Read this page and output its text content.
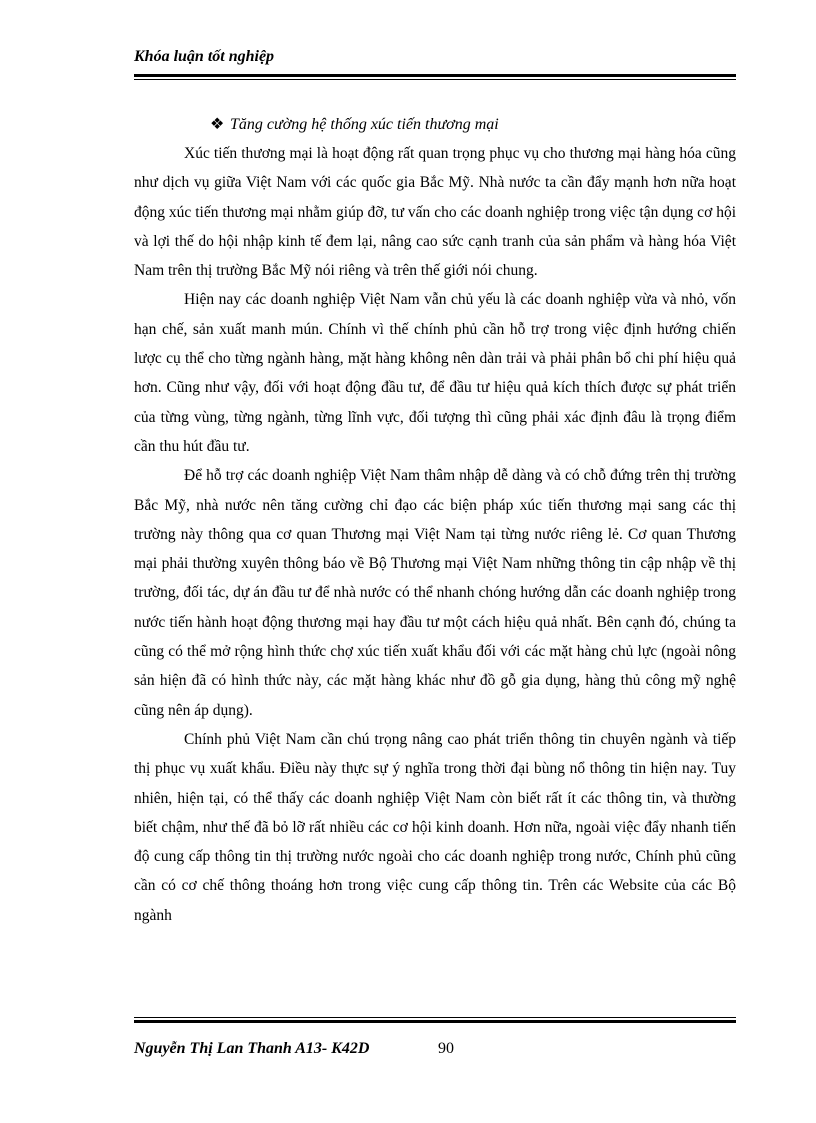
Khóa luận tốt nghiệp
❖ Tăng cường hệ thống xúc tiến thương mại

Xúc tiến thương mại là hoạt động rất quan trọng phục vụ cho thương mại hàng hóa cũng như dịch vụ giữa Việt Nam với các quốc gia Bắc Mỹ. Nhà nước ta cần đẩy mạnh hơn nữa hoạt động xúc tiến thương mại nhằm giúp đỡ, tư vấn cho các doanh nghiệp trong việc tận dụng cơ hội và lợi thế do hội nhập kinh tế đem lại, nâng cao sức cạnh tranh của sản phẩm và hàng hóa Việt Nam trên thị trường Bắc Mỹ nói riêng và trên thế giới nói chung.

Hiện nay các doanh nghiệp Việt Nam vẫn chủ yếu là các doanh nghiệp vừa và nhỏ, vốn hạn chế, sản xuất manh mún. Chính vì thế chính phủ cần hỗ trợ trong việc định hướng chiến lược cụ thể cho từng ngành hàng, mặt hàng không nên dàn trải và phải phân bổ chi phí hiệu quả hơn. Cũng như vậy, đối với hoạt động đầu tư, để đầu tư hiệu quả kích thích được sự phát triển của từng vùng, từng ngành, từng lĩnh vực, đối tượng thì cũng phải xác định đâu là trọng điểm cần thu hút đầu tư.

Để hỗ trợ các doanh nghiệp Việt Nam thâm nhập dễ dàng và có chỗ đứng trên thị trường Bắc Mỹ, nhà nước nên tăng cường chỉ đạo các biện pháp xúc tiến thương mại sang các thị trường này thông qua cơ quan Thương mại Việt Nam tại từng nước riêng lẻ. Cơ quan Thương mại phải thường xuyên thông báo về Bộ Thương mại Việt Nam những thông tin cập nhập về thị trường, đối tác, dự án đầu tư để nhà nước có thể nhanh chóng hướng dẫn các doanh nghiệp trong nước tiến hành hoạt động thương mại hay đầu tư một cách hiệu quả nhất. Bên cạnh đó, chúng ta cũng có thể mở rộng hình thức chợ xúc tiến xuất khẩu đối với các mặt hàng chủ lực (ngoài nông sản hiện đã có hình thức này, các mặt hàng khác như đồ gỗ gia dụng, hàng thủ công mỹ nghệ cũng nên áp dụng).

Chính phủ Việt Nam cần chú trọng nâng cao phát triển thông tin chuyên ngành và tiếp thị phục vụ xuất khẩu. Điều này thực sự ý nghĩa trong thời đại bùng nổ thông tin hiện nay. Tuy nhiên, hiện tại, có thể thấy các doanh nghiệp Việt Nam còn biết rất ít các thông tin, và thường biết chậm, như thế đã bỏ lỡ rất nhiều các cơ hội kinh doanh. Hơn nữa, ngoài việc đẩy nhanh tiến độ cung cấp thông tin thị trường nước ngoài cho các doanh nghiệp trong nước, Chính phủ cũng cần có cơ chế thông thoáng hơn trong việc cung cấp thông tin. Trên các Website của các Bộ ngành

Nguyễn Thị Lan Thanh A13- K42D	90
